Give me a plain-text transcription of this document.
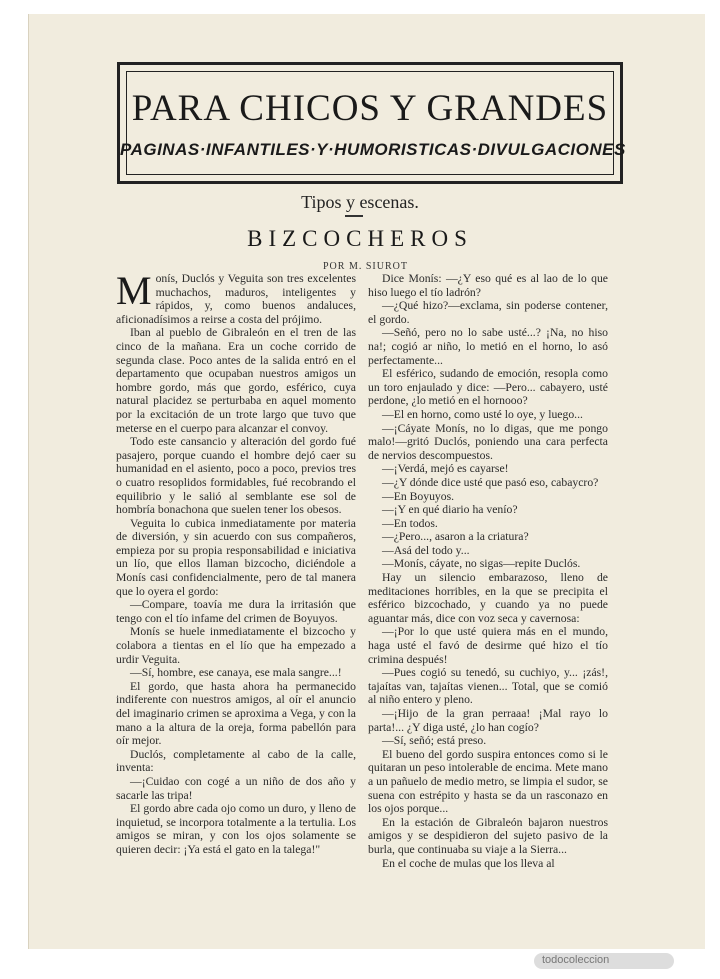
PARA CHICOS Y GRANDES
PAGINAS·INFANTILES·Y·HUMORISTICAS·DIVULGACIONES
Tipos y escenas.
BIZCOCHEROS
POR M. SIUROT

Monís, Duclós y Veguita son tres excelentes muchachos, maduros, inteligentes y rápidos, y, como buenos andaluces, aficionadísimos a reirse a costa del prójimo.

Iban al pueblo de Gibraleón en el tren de las cinco de la mañana. Era un coche corrido de segunda clase. Poco antes de la salida entró en el departamento que ocupaban nuestros amigos un hombre gordo, más que gordo, esférico, cuya natural placidez se perturbaba en aquel momento por la excitación de un trote largo que tuvo que meterse en el cuerpo para alcanzar el convoy.

Todo este cansancio y alteración del gordo fué pasajero, porque cuando el hombre dejó caer su humanidad en el asiento, poco a poco, previos tres o cuatro resoplidos formidables, fué recobrando el equilibrio y le salió al semblante ese sol de hombría bonachona que suelen tener los obesos.

Veguita lo cubica inmediatamente por materia de diversión, y sin acuerdo con sus compañeros, empieza por su propia responsabilidad e iniciativa un lío, que ellos llaman bizcocho, diciéndole a Monís casi confidencialmente, pero de tal manera que lo oyera el gordo:

—Compare, toavía me dura la irritasión que tengo con el tío infame del crimen de Boyuyos.

Monís se huele inmediatamente el bizcocho y colabora a tientas en el lío que ha empezado a urdir Veguita.

—Sí, hombre, ese canaya, ese mala sangre...!

El gordo, que hasta ahora ha permanecido indiferente con nuestros amigos, al oír el anuncio del imaginario crimen se aproxima a Vega, y con la mano a la altura de la oreja, forma pabellón para oír mejor.

Duclós, completamente al cabo de la calle, inventa:

—¡Cuidao con cogé a un niño de dos año y sacarle las tripa!

El gordo abre cada ojo como un duro, y lleno de inquietud, se incorpora totalmente a la tertulia. Los amigos se miran, y con los ojos solamente se quieren decir: ¡Ya está el gato en la talega!"

Dice Monís: —¿Y eso qué es al lao de lo que hiso luego el tío ladrón?

—¿Qué hizo?—exclama, sin poderse contener, el gordo.

—Señó, pero no lo sabe usté...? ¡Na, no hiso na!; cogió ar niño, lo metió en el horno, lo asó perfectamente...

El esférico, sudando de emoción, resopla como un toro enjaulado y dice: —Pero... cabayero, usté perdone, ¿lo metió en el hornooo?

—El en horno, como usté lo oye, y luego...

—¡Cáyate Monís, no lo digas, que me pongo malo!—gritó Duclós, poniendo una cara perfecta de nervios descompuestos.

—¡Verdá, mejó es cayarse!

—¿Y dónde dice usté que pasó eso, cabaycro?

—En Boyuyos.

—¡Y en qué diario ha venío?

—En todos.

—¿Pero..., asaron a la criatura?

—Asá del todo y...

—Monís, cáyate, no sigas—repite Duclós.

Hay un silencio embarazoso, lleno de meditaciones horribles, en la que se precipita el esférico bizcochado, y cuando ya no puede aguantar más, dice con voz seca y cavernosa:

—¡Por lo que usté quiera más en el mundo, haga usté el favó de desirme qué hizo el tío crimina después!

—Pues cogió su tenedó, su cuchiyo, y... ¡zás!, tajaítas van, tajaítas vienen... Total, que se comió al niño entero y pleno.

—¡Hijo de la gran perraaa! ¡Mal rayo lo parta!... ¿Y diga usté, ¿lo han cogío?

—Sí, señó; está preso.

El bueno del gordo suspira entonces como si le quitaran un peso intolerable de encima. Mete mano a un pañuelo de medio metro, se limpia el sudor, se suena con estrépito y hasta se da un rasconazo en los ojos porque...

En la estación de Gibraleón bajaron nuestros amigos y se despidieron del sujeto pasivo de la burla, que continuaba su viaje a la Sierra...

En el coche de mulas que los lleva al

todocoleccion
